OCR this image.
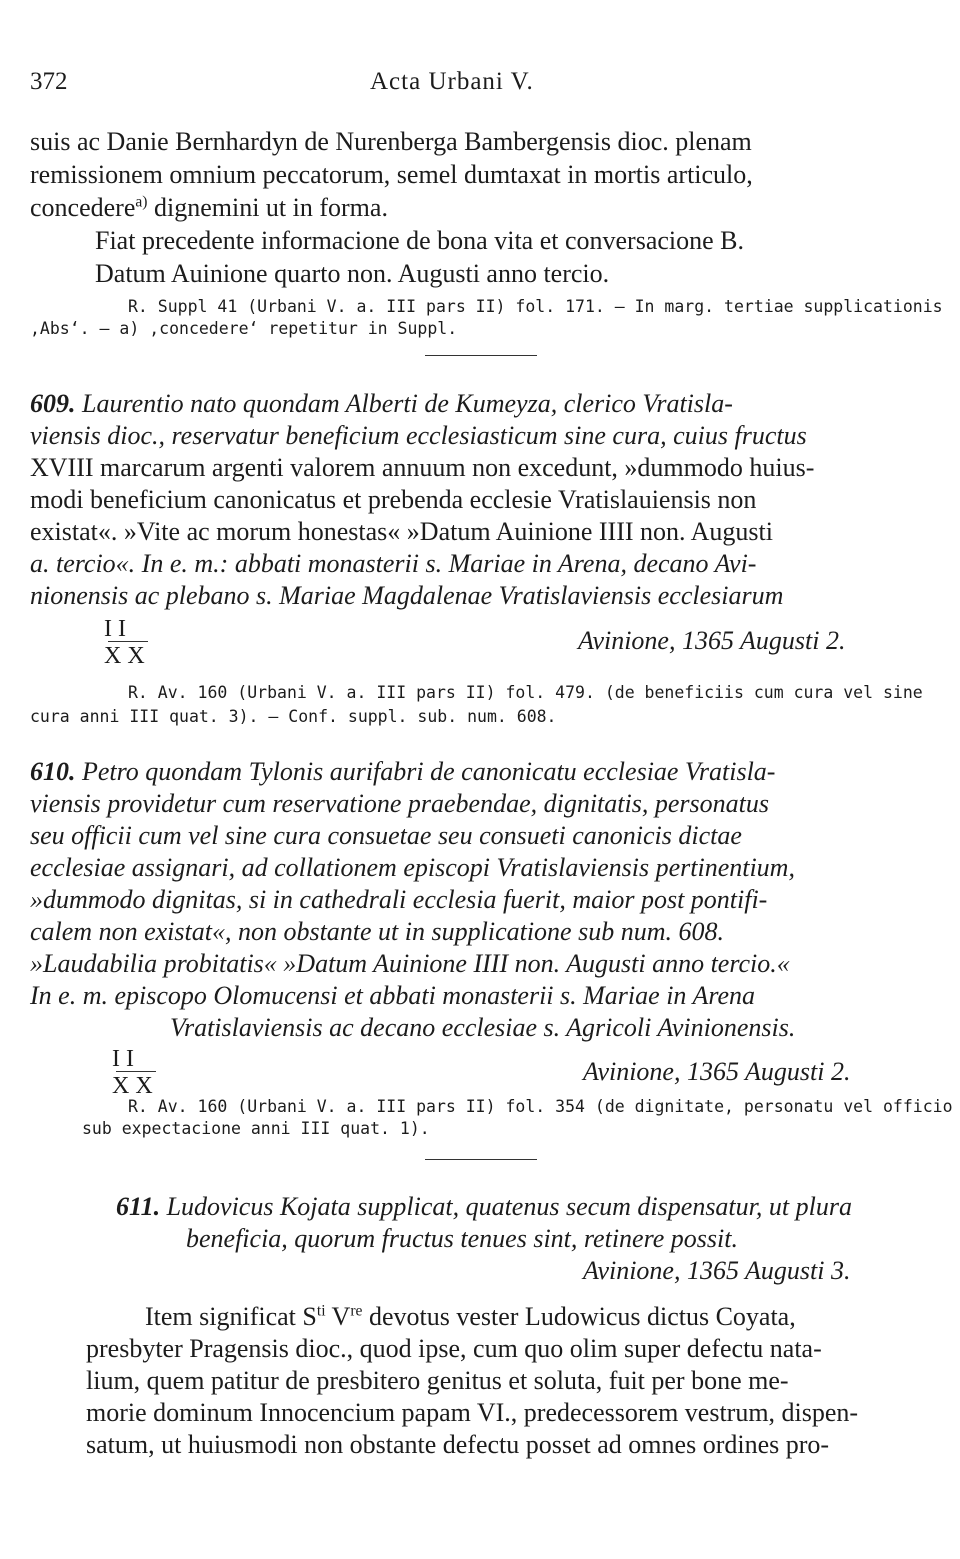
372	Acta Urbani V.
suis ac Danie Bernhardyn de Nurenberga Bambergensis dioc. plenam
remissionem omnium peccatorum, semel dumtaxat in mortis articulo,
concedere$^{a)}$ dignemini ut in forma.
Fiat precedente informacione de bona vita et conversacione B.
Datum Auinione quarto non. Augusti anno tercio.
R. Suppl 41 (Urbani V. a. III pars II) fol. 171. — In marg. tertiae supplicationis
‚Abs‘. — a) ‚concedere‘ repetitur in Suppl.
609. Laurentio nato quondam Alberti de Kumeyza, clerico Vratisla-
viensis dioc., reservatur beneficium ecclesiasticum sine cura, cuius fructus
XVIII marcarum argenti valorem annuum non excedunt, »dummodo huius-
modi beneficium canonicatus et prebenda ecclesie Vratislauiensis non
existat«. »Vite ac morum honestas« »Datum Auinione IIII non. Augusti
a. tercio«. In e. m.: abbati monasterii s. Mariae in Arena, decano Avi-
nionensis ac plebano s. Mariae Magdalenae Vratislaviensis ecclesiarum
I I
X X
Avinione, 1365 Augusti 2.
R. Av. 160 (Urbani V. a. III pars II) fol. 479. (de beneficiis cum cura vel sine
cura anni III quat. 3). — Conf. suppl. sub. num. 608.
610. Petro quondam Tylonis aurifabri de canonicatu ecclesiae Vratisla-
viensis providetur cum reservatione praebendae, dignitatis, personatus
seu officii cum vel sine cura consuetae seu consueti canonicis dictae
ecclesiae assignari, ad collationem episcopi Vratislaviensis pertinentium,
»dummodo dignitas, si in cathedrali ecclesia fuerit, maior post pontifi-
calem non existat«, non obstante ut in supplicatione sub num. 608.
»Laudabilia probitatis« »Datum Auinione IIII non. Augusti anno tercio.«
In e. m. episcopo Olomucensi et abbati monasterii s. Mariae in Arena
Vratislaviensis ac decano ecclesiae s. Agricoli Avinionensis.
I I
X X	Avinione, 1365 Augusti 2.
R. Av. 160 (Urbani V. a. III pars II) fol. 354 (de dignitate, personatu vel officio
sub expectacione anni III quat. 1).
611. Ludovicus Kojata supplicat, quatenus secum dispensatur, ut plura
beneficia, quorum fructus tenues sint, retinere possit.
Avinione, 1365 Augusti 3.
Item significat $S^{ti}$ Vre devotus vester Ludowicus dictus Coyata,
presbyter Pragensis dioc., quod ipse, cum quo olim super defectu nata-
lium, quem patitur de presbitero genitus et soluta, fuit per bone me-
morie dominum Innocencium papam VI., predecessorem vestrum, dispen-
satum, ut huiusmodi non obstante defectu posset ad omnes ordines pro-
